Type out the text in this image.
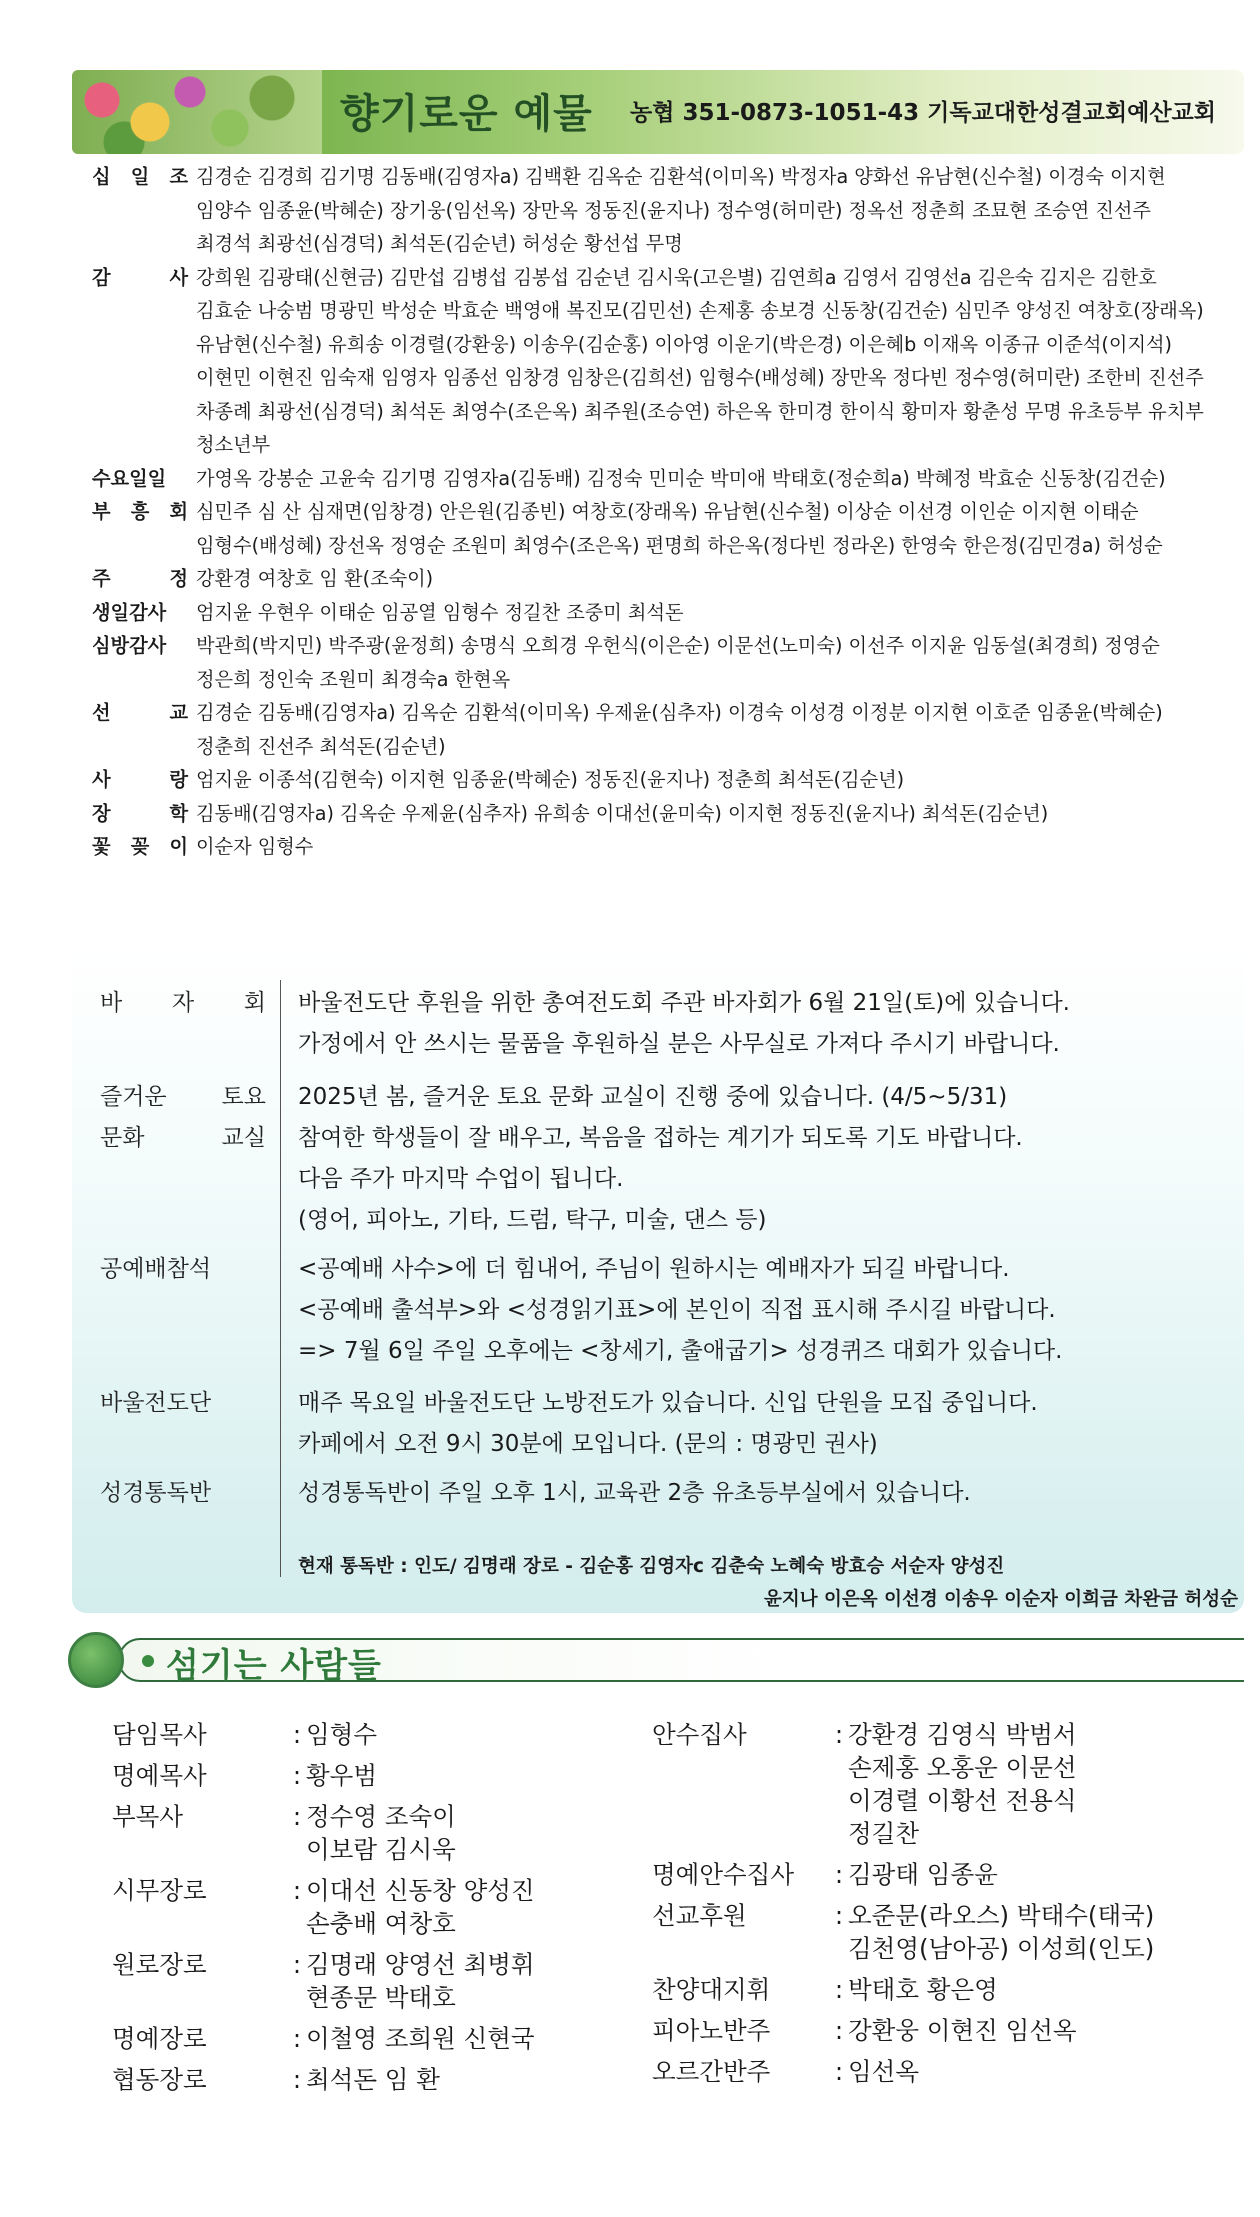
향기로운 예물 농협 351-0873-1051-43 기독교대한성결교회예산교회
십 일 조 김경순 김경희 김기명 김동배(김영자a) 김백환 김옥순 김환석(이미옥) 박정자a 양화선 유남현(신수철) 이경숙 이지현
임양수 임종윤(박혜순) 장기웅(임선옥) 장만옥 정동진(윤지나) 정수영(허미란) 정옥선 정춘희 조묘현 조승연 진선주
최경석 최광선(심경덕) 최석돈(김순년) 허성순 황선섭 무명
감 사 강희원 김광태(신현금) 김만섭 김병섭 김봉섭 김순년 김시욱(고은별) 김연희a 김영서 김영선a 김은숙 김지은 김한호
김효순 나숭범 명광민 박성순 박효순 백영애 복진모(김민선) 손제홍 송보경 신동창(김건순) 심민주 양성진 여창호(장래옥)
유남현(신수철) 유희송 이경렬(강환웅) 이송우(김순홍) 이아영 이운기(박은경) 이은혜b 이재옥 이종규 이준석(이지석)
이현민 이현진 임숙재 임영자 임종선 임창경 임창은(김희선) 임형수(배성혜) 장만옥 정다빈 정수영(허미란) 조한비 진선주
차종례 최광선(심경덕) 최석돈 최영수(조은옥) 최주원(조승연) 하은옥 한미경 한이식 황미자 황춘성 무명 유초등부 유치부
청소년부
수요일일	가영옥 강봉순 고윤숙 김기명 김영자a(김동배) 김정숙 민미순 박미애 박태호(정순희a) 박혜정 박효순 신동창(김건순)
부 흥 회 심민주 심 산 심재면(임창경) 안은원(김종빈) 여창호(장래옥) 유남현(신수철) 이상순 이선경 이인순 이지현 이태순
임형수(배성혜) 장선옥 정영순 조원미 최영수(조은옥) 편명희 하은옥(정다빈 정라온) 한영숙 한은정(김민경a) 허성순
주 정 강환경 여창호 임 환(조숙이)
생일감사	엄지윤 우현우 이태순 임공열 임형수 정길찬 조중미 최석돈
심방감사	박관희(박지민) 박주광(윤정희) 송명식 오희경 우헌식(이은순) 이문선(노미숙) 이선주 이지윤 임동설(최경희) 정영순
정은희 정인숙 조원미 최경숙a 한현옥
선 교 김경순 김동배(김영자a) 김옥순 김환석(이미옥) 우제윤(심추자) 이경숙 이성경 이정분 이지현 이호준 임종윤(박혜순)
정춘희 진선주 최석돈(김순년)
사 랑 엄지윤 이종석(김현숙) 이지현 임종윤(박혜순) 정동진(윤지나) 정춘희 최석돈(김순년)
장 학 김동배(김영자a) 김옥순 우제윤(심추자) 유희송 이대선(윤미숙) 이지현 정동진(윤지나) 최석돈(김순년)
꽃 꽂 이 이순자 임형수
바 자 회 바울전도단 후원을 위한 총여전도회 주관 바자회가 6월 21일(토)에 있습니다.
가정에서 안 쓰시는 물품을 후원하실 분은 사무실로 가져다 주시기 바랍니다.
즐거운 토요
문화 교실
2025년 봄, 즐거운 토요 문화 교실이 진행 중에 있습니다. (4/5~5/31)
참여한 학생들이 잘 배우고, 복음을 접하는 계기가 되도록 기도 바랍니다.
다음 주가 마지막 수업이 됩니다.
(영어, 피아노, 기타, 드럼, 탁구, 미술, 댄스 등)
공예배참석	<공예배 사수>에 더 힘내어, 주님이 원하시는 예배자가 되길 바랍니다.
<공예배 출석부>와 <성경읽기표>에 본인이 직접 표시해 주시길 바랍니다.
=> 7월 6일 주일 오후에는 <창세기, 출애굽기> 성경퀴즈 대회가 있습니다.
바울전도단	매주 목요일 바울전도단 노방전도가 있습니다. 신입 단원을 모집 중입니다.
카페에서 오전 9시 30분에 모입니다. (문의 : 명광민 권사)
성경통독반	성경통독반이 주일 오후 1시, 교육관 2층 유초등부실에서 있습니다.

현재 통독반 : 인도/ 김명래 장로 - 김순홍 김영자c 김춘숙 노혜숙 방효승 서순자 양성진

윤지나 이은옥 이선경 이송우 이순자 이희금 차완금 허성순

섬기는 사람들
담임목사	: 임형수
명예목사	: 황우범
부목사	: 정수영 조숙이
이보람 김시욱
시무장로	: 이대선 신동창 양성진
손충배 여창호
원로장로	: 김명래 양영선 최병휘
현종문 박태호
명예장로	: 이철영 조희원 신현국
협동장로	: 최석돈 임 환
안수집사	: 강환경 김영식 박범서
손제홍 오홍운 이문선
이경렬 이황선 전용식
정길찬
명예안수집사	: 김광태 임종윤
선교후원	: 오준문(라오스) 박태수(태국)
김천영(남아공) 이성희(인도)
찬양대지휘	: 박태호 황은영
피아노반주	: 강환웅 이현진 임선옥
오르간반주	: 임선옥
